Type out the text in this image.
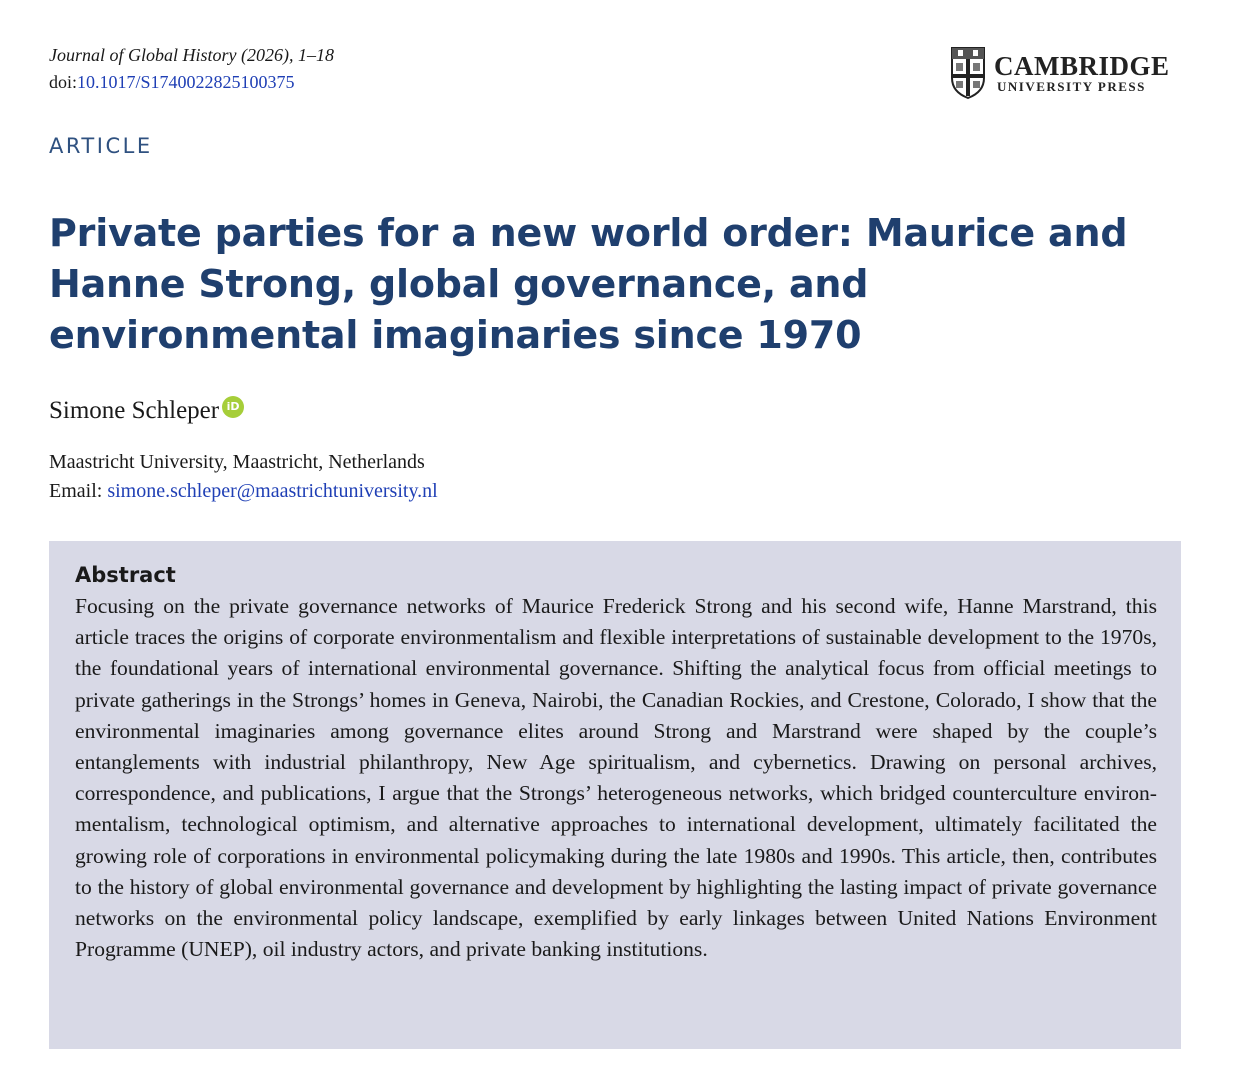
Journal of Global History (2026), 1–18
doi:10.1017/S1740022825100375
CAMBRIDGE
UNIVERSITY PRESS
ARTICLE
Private parties for a new world order: Maurice and Hanne Strong, global governance, and environmental imaginaries since 1970
Simone Schleper iD
Maastricht University, Maastricht, Netherlands
Email: simone.schleper@maastrichtuniversity.nl
Abstract

Focusing on the private governance networks of Maurice Frederick Strong and his second wife, Hanne Marstrand, this article traces the origins of corporate environmentalism and flexible interpretations of sustainable development to the 1970s, the foundational years of international environmental governance. Shifting the analytical focus from official meetings to private gatherings in the Strongs’ homes in Geneva, Nairobi, the Canadian Rockies, and Crestone, Colorado, I show that the environmental imaginaries among governance elites around Strong and Marstrand were shaped by the couple’s entanglements with industrial philanthropy, New Age spiritualism, and cybernetics. Drawing on personal archives, correspondence, and publications, I argue that the Strongs’ heterogeneous networks, which bridged counterculture environmentalism, technological optimism, and alternative approaches to international development, ultimately facilitated the growing role of corporations in environmental policymaking during the late 1980s and 1990s. This article, then, contributes to the history of global environmental governance and development by highlighting the lasting impact of private governance networks on the environmental policy landscape, exemplified by early linkages between United Nations Environment Programme (UNEP), oil industry actors, and private banking institutions.
